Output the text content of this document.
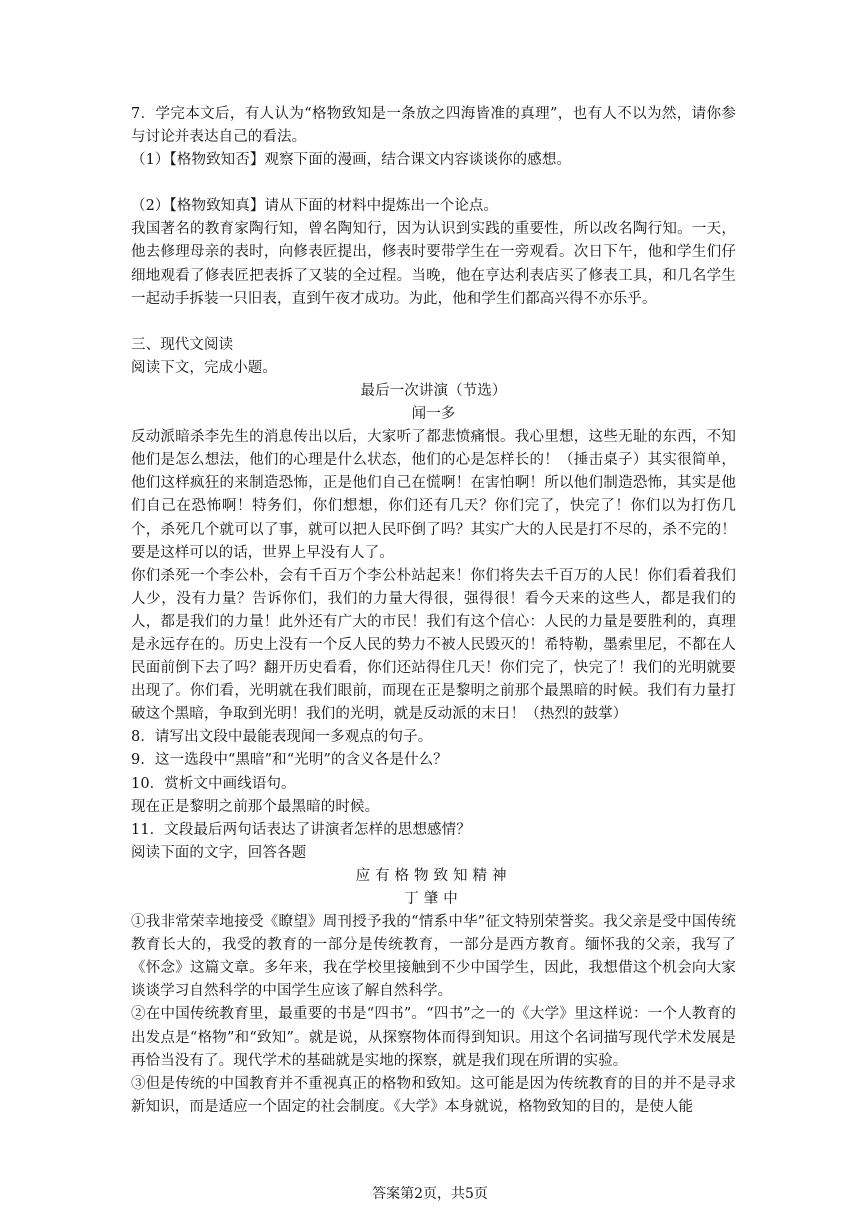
7．学完本文后，有人认为“格物致知是一条放之四海皆准的真理”，也有人不以为然，请你参与讨论并表达自己的看法。

（1）【格物致知否】观察下面的漫画，结合课文内容谈谈你的感想。

（2）【格物致知真】请从下面的材料中提炼出一个论点。

我国著名的教育家陶行知，曾名陶知行，因为认识到实践的重要性，所以改名陶行知。一天，他去修理母亲的表时，向修表匠提出，修表时要带学生在一旁观看。次日下午，他和学生们仔细地观看了修表匠把表拆了又装的全过程。当晚，他在亨达利表店买了修表工具，和几名学生一起动手拆装一只旧表，直到午夜才成功。为此，他和学生们都高兴得不亦乐乎。

三、现代文阅读

阅读下文，完成小题。

最后一次讲演（节选）

闻一多

反动派暗杀李先生的消息传出以后，大家听了都悲愤痛恨。我心里想，这些无耻的东西，不知他们是怎么想法，他们的心理是什么状态，他们的心是怎样长的！（捶击桌子）其实很简单，他们这样疯狂的来制造恐怖，正是他们自己在慌啊！在害怕啊！所以他们制造恐怖，其实是他们自己在恐怖啊！特务们，你们想想，你们还有几天？你们完了，快完了！你们以为打伤几个，杀死几个就可以了事，就可以把人民吓倒了吗？其实广大的人民是打不尽的，杀不完的！要是这样可以的话，世界上早没有人了。

你们杀死一个李公朴，会有千百万个李公朴站起来！你们将失去千百万的人民！你们看着我们人少，没有力量？告诉你们，我们的力量大得很，强得很！看今天来的这些人，都是我们的人，都是我们的力量！此外还有广大的市民！我们有这个信心：人民的力量是要胜利的，真理是永远存在的。历史上没有一个反人民的势力不被人民毁灭的！希特勒，墨索里尼，不都在人民面前倒下去了吗？翻开历史看看，你们还站得住几天！你们完了，快完了！我们的光明就要出现了。你们看，光明就在我们眼前，而现在正是黎明之前那个最黑暗的时候。我们有力量打破这个黑暗，争取到光明！我们的光明，就是反动派的末日！（热烈的鼓掌）

8．请写出文段中最能表现闻一多观点的句子。

9．这一选段中“黑暗”和“光明”的含义各是什么？

10．赏析文中画线语句。

现在正是黎明之前那个最黑暗的时候。

11．文段最后两句话表达了讲演者怎样的思想感情？

阅读下面的文字，回答各题

应有格物致知精神

丁肇中

①我非常荣幸地接受《瞭望》周刊授予我的“情系中华”征文特别荣誉奖。我父亲是受中国传统教育长大的，我受的教育的一部分是传统教育，一部分是西方教育。缅怀我的父亲，我写了《怀念》这篇文章。多年来，我在学校里接触到不少中国学生，因此，我想借这个机会向大家谈谈学习自然科学的中国学生应该了解自然科学。

②在中国传统教育里，最重要的书是“四书”。“四书”之一的《大学》里这样说：一个人教育的出发点是“格物”和“致知”。就是说，从探察物体而得到知识。用这个名词描写现代学术发展是再恰当没有了。现代学术的基础就是实地的探察，就是我们现在所谓的实验。

③但是传统的中国教育并不重视真正的格物和致知。这可能是因为传统教育的目的并不是寻求新知识，而是适应一个固定的社会制度。《大学》本身就说，格物致知的目的，是使人能

答案第2页，共5页
